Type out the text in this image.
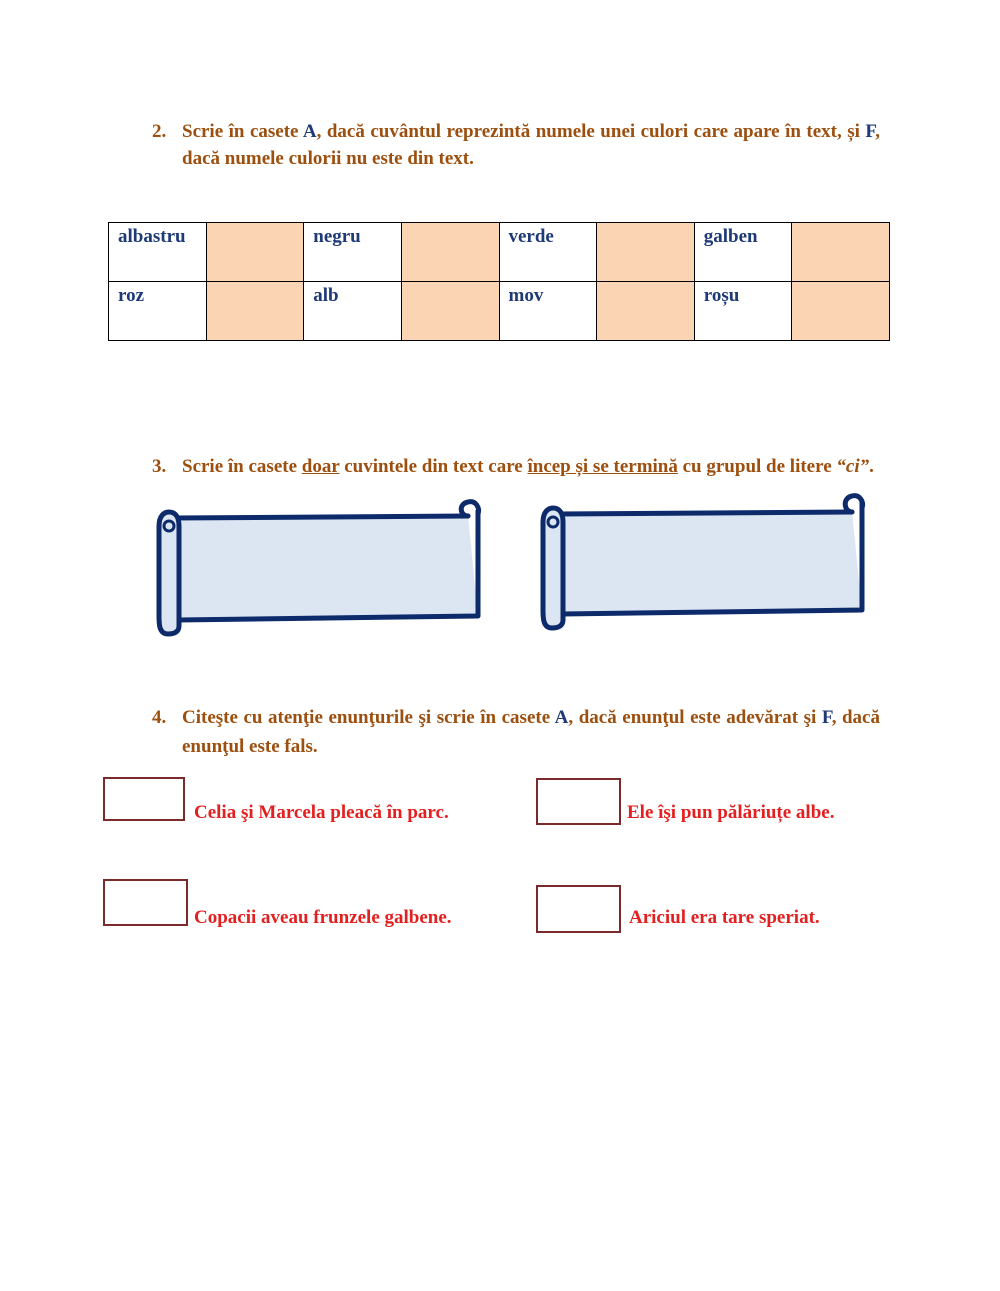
2. Scrie în casete A, dacă cuvântul reprezintă numele unei culori care apare în text, și F, dacă numele culorii nu este din text.
albastru		negru		verde		galben	
roz		alb		mov		roșu	
3. Scrie în casete doar cuvintele din text care încep și se termină cu grupul de litere “ci”.
4. Citeşte cu atenţie enunţurile şi scrie în casete A, dacă enunţul este adevărat şi F, dacă enunţul este fals.
Celia şi Marcela pleacă în parc.	Ele îşi pun pălăriuțe albe.
Copacii aveau frunzele galbene.	Ariciul era tare speriat.
